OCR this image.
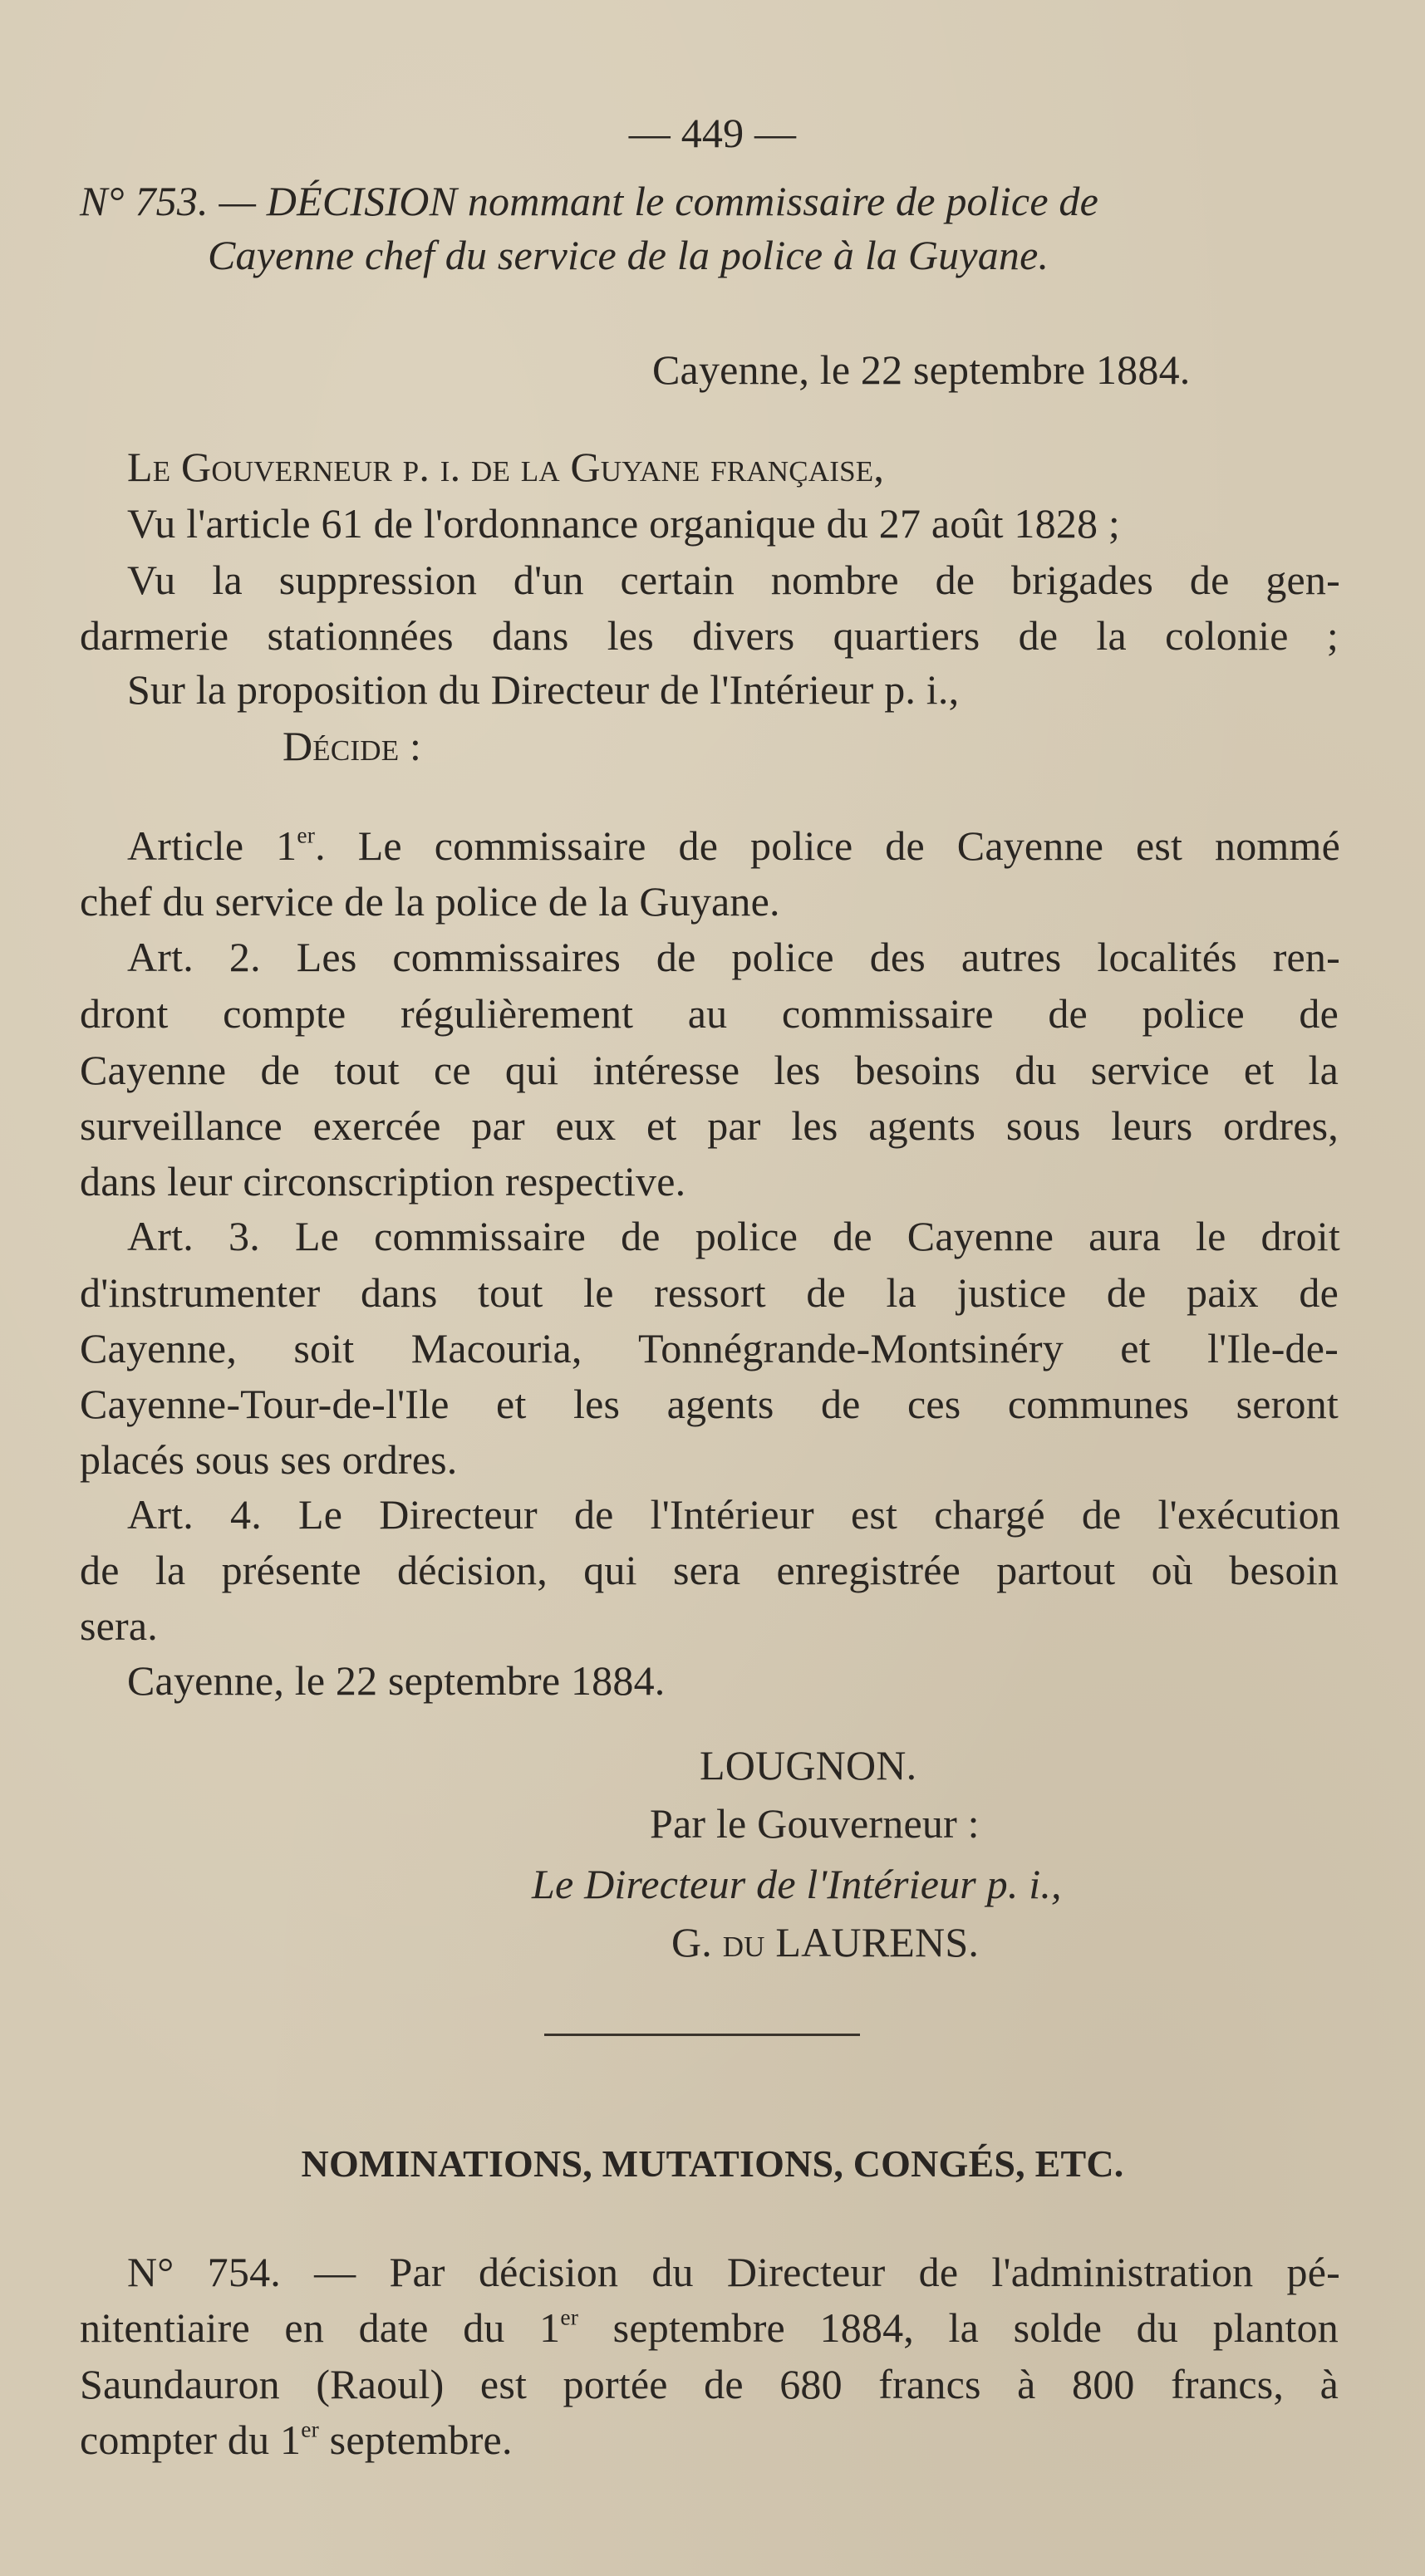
— 449 —
N° 753. — DÉCISION nommant le commissaire de police de
Cayenne chef du service de la police à la Guyane.
Cayenne, le 22 septembre 1884.
Le Gouverneur p. i. de la Guyane française,
Vu l'article 61 de l'ordonnance organique du 27 août 1828 ;
Vu la suppression d'un certain nombre de brigades de gen-
darmerie stationnées dans les divers quartiers de la colonie ;
Sur la proposition du Directeur de l'Intérieur p. i.,
Décide :
Article 1er. Le commissaire de police de Cayenne est nommé
chef du service de la police de la Guyane.
Art. 2. Les commissaires de police des autres localités ren-
dront compte régulièrement au commissaire de police de
Cayenne de tout ce qui intéresse les besoins du service et la
surveillance exercée par eux et par les agents sous leurs ordres,
dans leur circonscription respective.
Art. 3. Le commissaire de police de Cayenne aura le droit
d'instrumenter dans tout le ressort de la justice de paix de
Cayenne, soit Macouria, Tonnégrande-Montsinéry et l'Ile-de-
Cayenne-Tour-de-l'Ile et les agents de ces communes seront
placés sous ses ordres.
Art. 4. Le Directeur de l'Intérieur est chargé de l'exécution
de la présente décision, qui sera enregistrée partout où besoin
sera.
Cayenne, le 22 septembre 1884.
LOUGNON.
Par le Gouverneur :
Le Directeur de l'Intérieur p. i.,
G. du LAURENS.
NOMINATIONS, MUTATIONS, CONGÉS, ETC.
N° 754. — Par décision du Directeur de l'administration pé-
nitentiaire en date du 1er septembre 1884, la solde du planton
Saundauron (Raoul) est portée de 680 francs à 800 francs, à
compter du 1er septembre.
